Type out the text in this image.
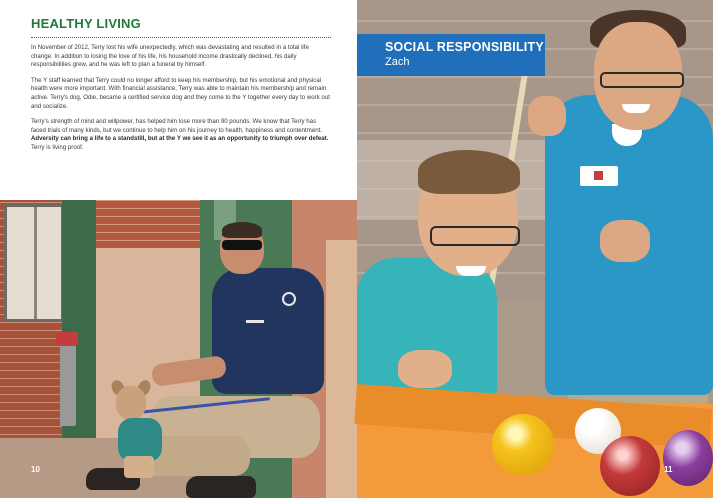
HEALTHY LIVING

In November of 2012, Terry lost his wife unexpectedly, which was devastating and resulted in a total life change. In addition to losing the love of his life, his household income drastically declined, his daily responsibilities grew, and he was left to plan a funeral by himself.

The Y staff learned that Terry could no longer afford to keep his membership, but his emotional and physical health were more important. With financial assistance, Terry was able to maintain his membership and remain active. Terry's dog, Odie, became a certified service dog and they come to the Y together every day to work out and socialize.

Terry's strength of mind and willpower, has helped him lose more than 90 pounds. We know that Terry has faced trials of many kinds, but we continue to help him on his journey to health, happiness and contentment. Adversity can bring a life to a standstill, but at the Y we see it as an opportunity to triumph over defeat. Terry is living proof.

10
SOCIAL RESPONSIBILITY
Zach
11
